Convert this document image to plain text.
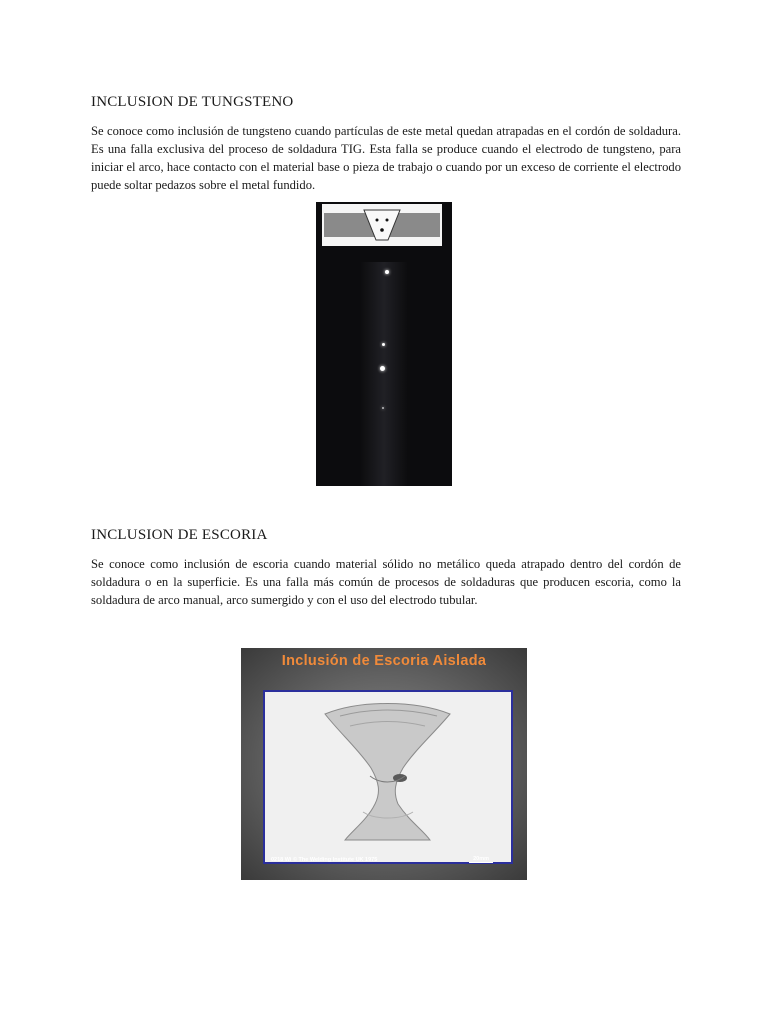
INCLUSION DE TUNGSTENO

Se conoce como inclusión de tungsteno cuando partículas de este metal quedan atrapadas en el cordón de soldadura. Es una falla exclusiva del proceso de soldadura TIG. Esta falla se produce cuando el electrodo de tungsteno, para iniciar el arco, hace contacto con el material base o pieza de trabajo o cuando por un exceso de corriente el electrodo puede soltar pedazos sobre el metal fundido.

INCLUSION DE ESCORIA

Se conoce como inclusión de escoria cuando material sólido no metálico queda atrapado dentro del cordón de soldadura o en la superficie. Es una falla más común de procesos de soldaduras que producen escoria, como la soldadura de arco manual, arco sumergido y con el uso del electrodo tubular.

Inclusión de Escoria Aislada
0218 Wi © The Welding Institute UK 1975	20mm
